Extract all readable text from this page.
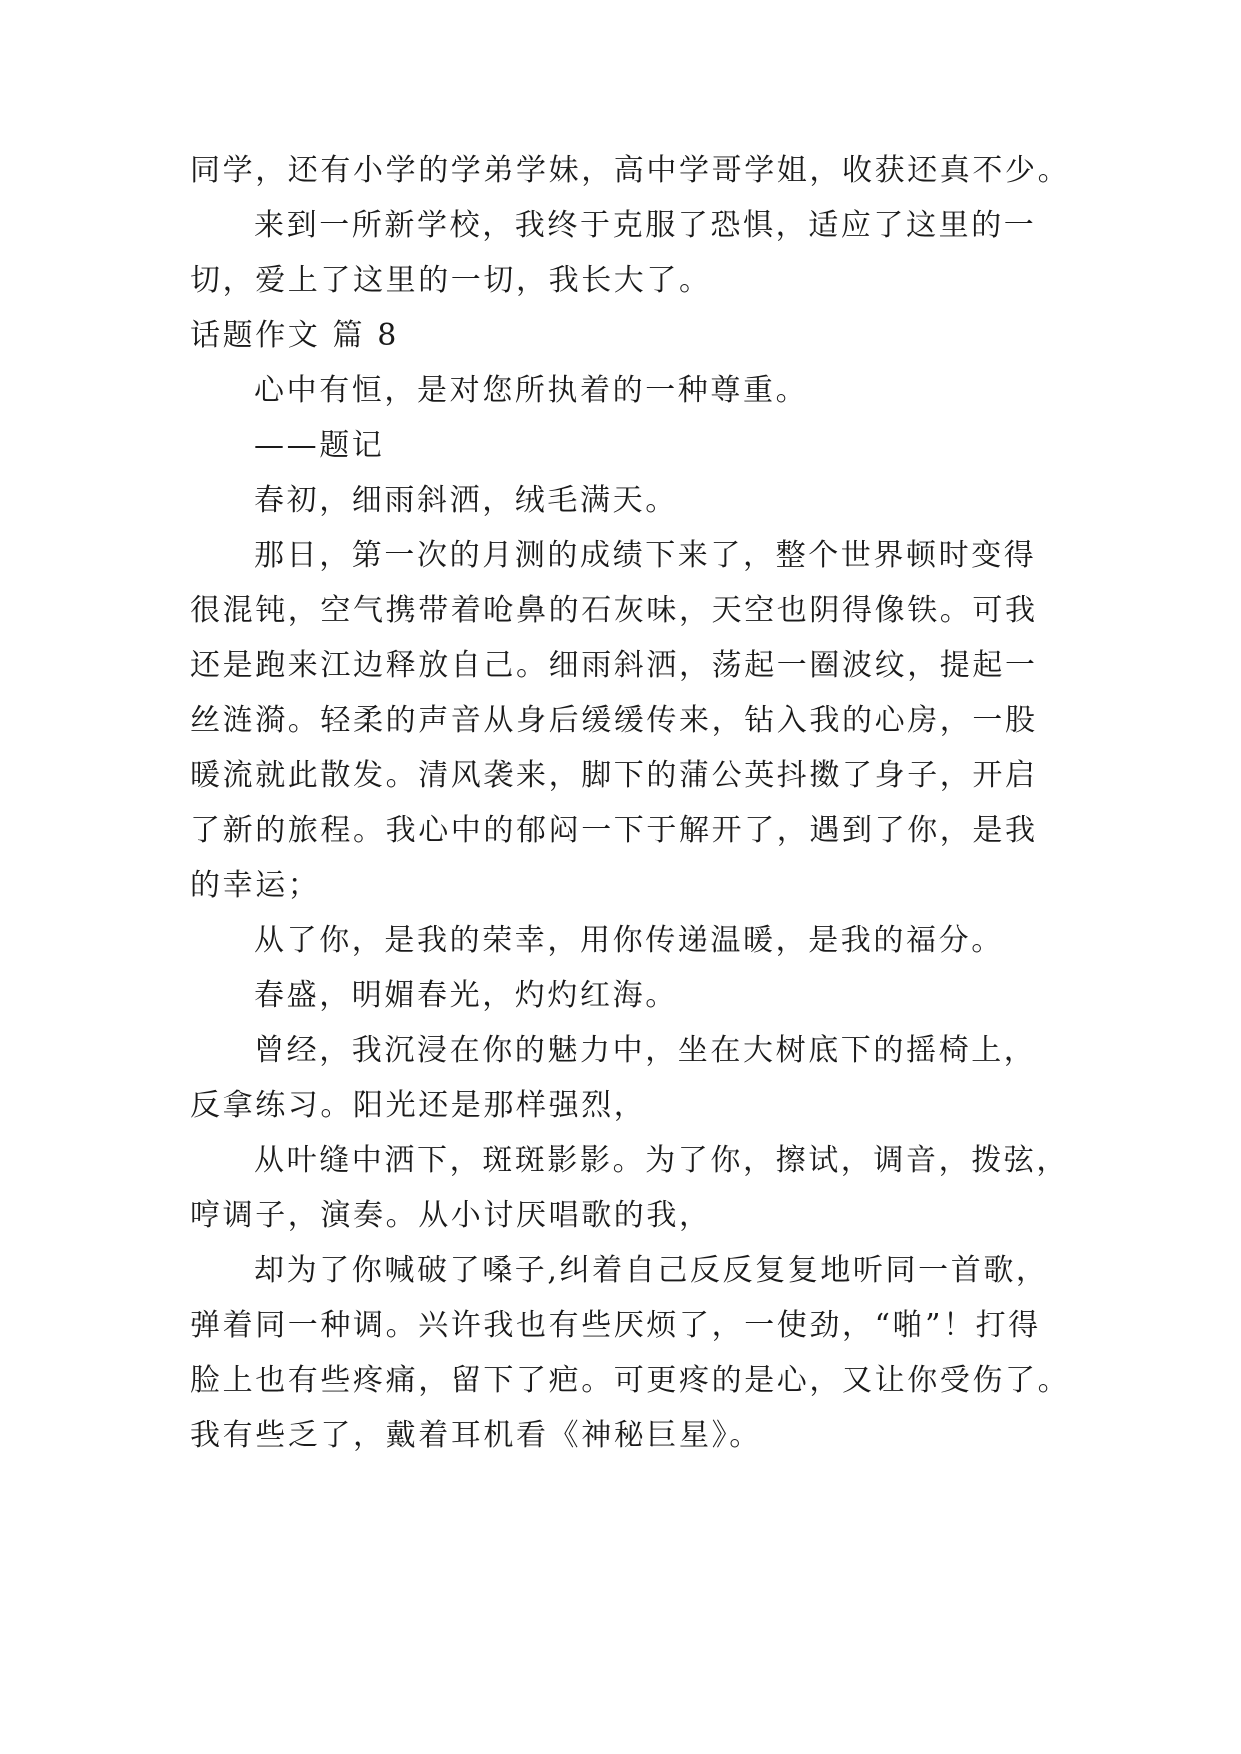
同学，还有小学的学弟学妹，高中学哥学姐，收获还真不少。
来到一所新学校，我终于克服了恐惧，适应了这里的一
切，爱上了这里的一切，我长大了。
话题作文 篇 8
心中有恒，是对您所执着的一种尊重。
——题记
春初，细雨斜洒，绒毛满天。
那日，第一次的月测的成绩下来了，整个世界顿时变得
很混钝，空气携带着呛鼻的石灰味，天空也阴得像铁。可我
还是跑来江边释放自己。细雨斜洒，荡起一圈波纹，提起一
丝涟漪。轻柔的声音从身后缓缓传来，钻入我的心房，一股
暖流就此散发。清风袭来，脚下的蒲公英抖擞了身子，开启
了新的旅程。我心中的郁闷一下于解开了，遇到了你，是我
的幸运；
从了你，是我的荣幸，用你传递温暖，是我的福分。
春盛，明媚春光，灼灼红海。
曾经，我沉浸在你的魅力中，坐在大树底下的摇椅上，
反拿练习。阳光还是那样强烈，
从叶缝中洒下，斑斑影影。为了你，擦试，调音，拨弦，
哼调子，演奏。从小讨厌唱歌的我，
却为了你喊破了嗓子,纠着自己反反复复地听同一首歌，
弹着同一种调。兴许我也有些厌烦了，一使劲，“啪”！打得
脸上也有些疼痛，留下了疤。可更疼的是心，又让你受伤了。
我有些乏了，戴着耳机看《神秘巨星》。
